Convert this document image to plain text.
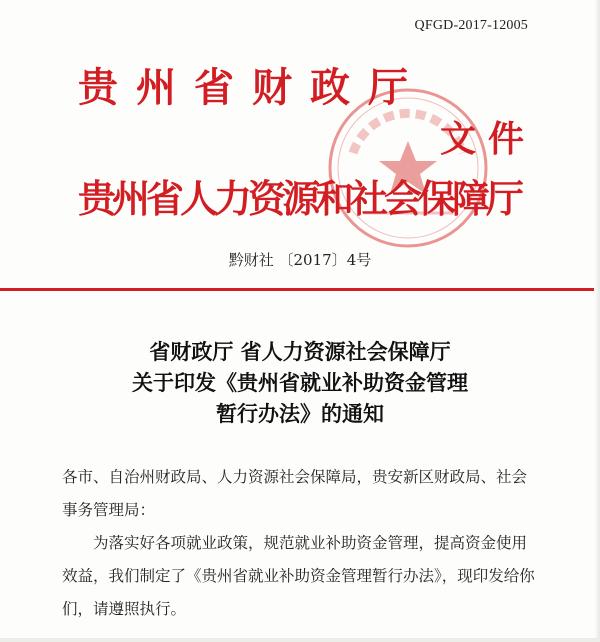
QFGD-2017-12005
贵 州 省 财 政 厅
文件
贵州省人力资源和社会保障厅
黔财社 〔2017〕4号
省财政厅 省人力资源社会保障厅
关于印发《贵州省就业补助资金管理
暂行办法》的通知
各市、自治州财政局、人力资源社会保障局，贵安新区财政局、社会事务管理局：
为落实好各项就业政策，规范就业补助资金管理，提高资金使用效益，我们制定了《贵州省就业补助资金管理暂行办法》，现印发给你们，请遵照执行。
